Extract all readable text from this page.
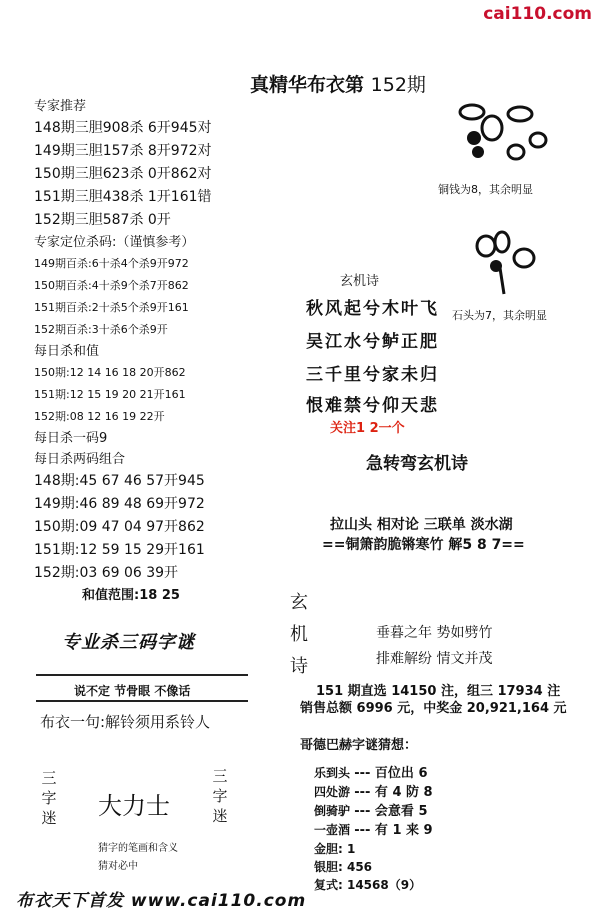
cai110.com
真精华布衣第 152期
专家推荐
148期三胆908杀 6开945对
149期三胆157杀 8开972对
150期三胆623杀 0开862对
151期三胆438杀 1开161错
152期三胆587杀 0开
专家定位杀码:（谨慎参考）
149期百杀:6十杀4个杀9开972
150期百杀:4十杀9个杀7开862
151期百杀:2十杀5个杀9开161
152期百杀:3十杀6个杀9开
每日杀和值
150期:12 14 16 18 20开862
151期:12 15 19 20 21开161
152期:08 12 16 19 22开
每日杀一码9
每日杀两码组合
148期:45 67 46 57开945
149期:46 89 48 69开972
150期:09 47 04 97开862
151期:12 59 15 29开161
152期:03 69 06 39开
和值范围:18 25
专业杀三码字谜
说不定 节骨眼 不像话
布衣一句:解铃须用系铃人
三字迷 大力士
三字迷
猜字的笔画和含义
猜对必中
布衣天下首发 www.cai110.com
铜钱为8，其余明显
石头为7，其余明显
玄机诗
秋风起兮木叶飞
吴江水兮鲈正肥
三千里兮家未归
恨难禁兮仰天悲
关注1 2一个
急转弯玄机诗
拉山头 相对论 三联单 淡水湖
==铜箫韵脆锵寒竹 解5 8 7==
玄
机
诗
垂暮之年 势如劈竹
排难解纷 情文并茂
151 期直选 14150 注，组三 17934 注
销售总额 6996 元，中奖金 20,921,164 元
哥德巴赫字谜猜想：
乐到头 --- 百位出 6
四处游 --- 有 4 防 8
倒骑驴 --- 会意看 5
一壶酒 --- 有 1 来 9
金胆: 1
银胆: 456
复式: 14568（9）
